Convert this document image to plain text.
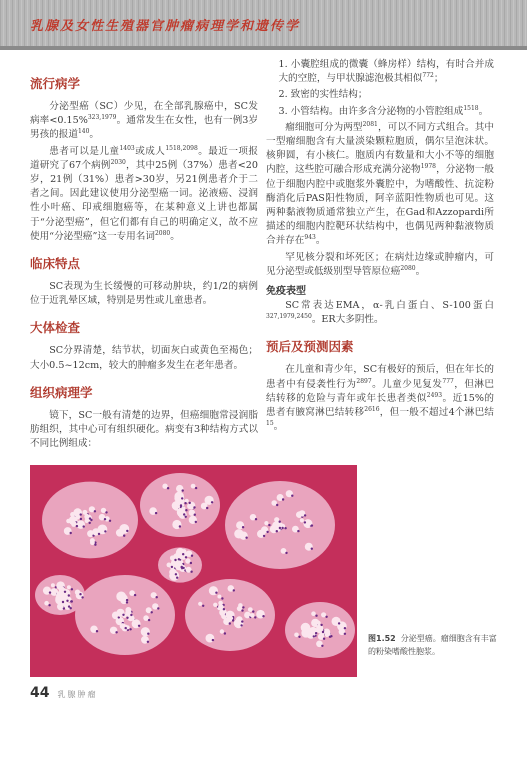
乳腺及女性生殖器官肿瘤病理学和遗传学
流行病学

分泌型癌（SC）少见，在全部乳腺癌中，SC发病率<0.15%$^{323,1979}$。通常发生在女性，也有一例3岁男孩的报道$^{140}$。

患者可以是儿童$^{1403}$或成人$^{1518,2098}$。最近一项报道研究了67个病例$^{2030}$，其中25例（37%）患者<20岁，21例（31%）患者>30岁，另21例患者介于二者之间。因此建议使用分泌型癌一词。泌液癌、浸润性小叶癌、印戒细胞癌等，在某种意义上讲也都属于“分泌型癌”，但它们都有自己的明确定义，故不应使用“分泌型癌”这一专用名词$^{2080}$。

临床特点

SC表现为生长缓慢的可移动肿块，约1/2的病例位于近乳晕区域，特别是男性或儿童患者。

大体检查

SC分界清楚，结节状，切面灰白或黄色至褐色；大小0.5~12cm，较大的肿瘤多发生在老年患者。

组织病理学

镜下，SC一般有清楚的边界，但癌细胞常浸润脂肪组织，其中心可有组织硬化。病变有3种结构方式以不同比例组成：

1. 小囊腔组成的微囊（蜂房样）结构，有时合并成大的空腔，与甲状腺滤泡极其相似$^{772}$；

2. 致密的实性结构；

3. 小管结构。由许多含分泌物的小管腔组成$^{1518}$。

瘤细胞可分为两型$^{2081}$，可以不同方式组合。其中一型瘤细胞含有大量淡染颗粒胞质，偶尔呈泡沫状。核卵圆，有小核仁。胞质内有数量和大小不等的细胞内腔，这些腔可融合形成充满分泌物$^{1978}$，分泌物一般位于细胞内腔中或胞浆外囊腔中，为嗜酸性、抗淀粉酶消化后PAS阳性物质，阿辛蓝阳性物质也可见。这两种黏液物质通常独立产生，在Gad和Azzopardi所描述的细胞内腔靶环状结构中，也偶见两种黏液物质合并存在$^{943}$。

罕见核分裂和坏死区；在病灶边缘或肿瘤内，可见分泌型或低级别型导管原位癌$^{2080}$。

免疫表型

SC常表达EMA，α-乳白蛋白、S-100蛋白$^{327,1979,2450}$。ER大多阴性。

预后及预测因素

在儿童和青少年，SC有极好的预后，但在年长的患者中有侵袭性行为$^{2897}$。儿童少见复发$^{777}$，但淋巴结转移的危险与青年或年长患者类似$^{2493}$。近15%的患者有腋窝淋巴结转移$^{2616}$，但一般不超过4个淋巴结$^{15}$。

图1.52 分泌型癌。瘤细胞含有丰富的粉染嗜酸性胞浆。
44 乳腺肿瘤
